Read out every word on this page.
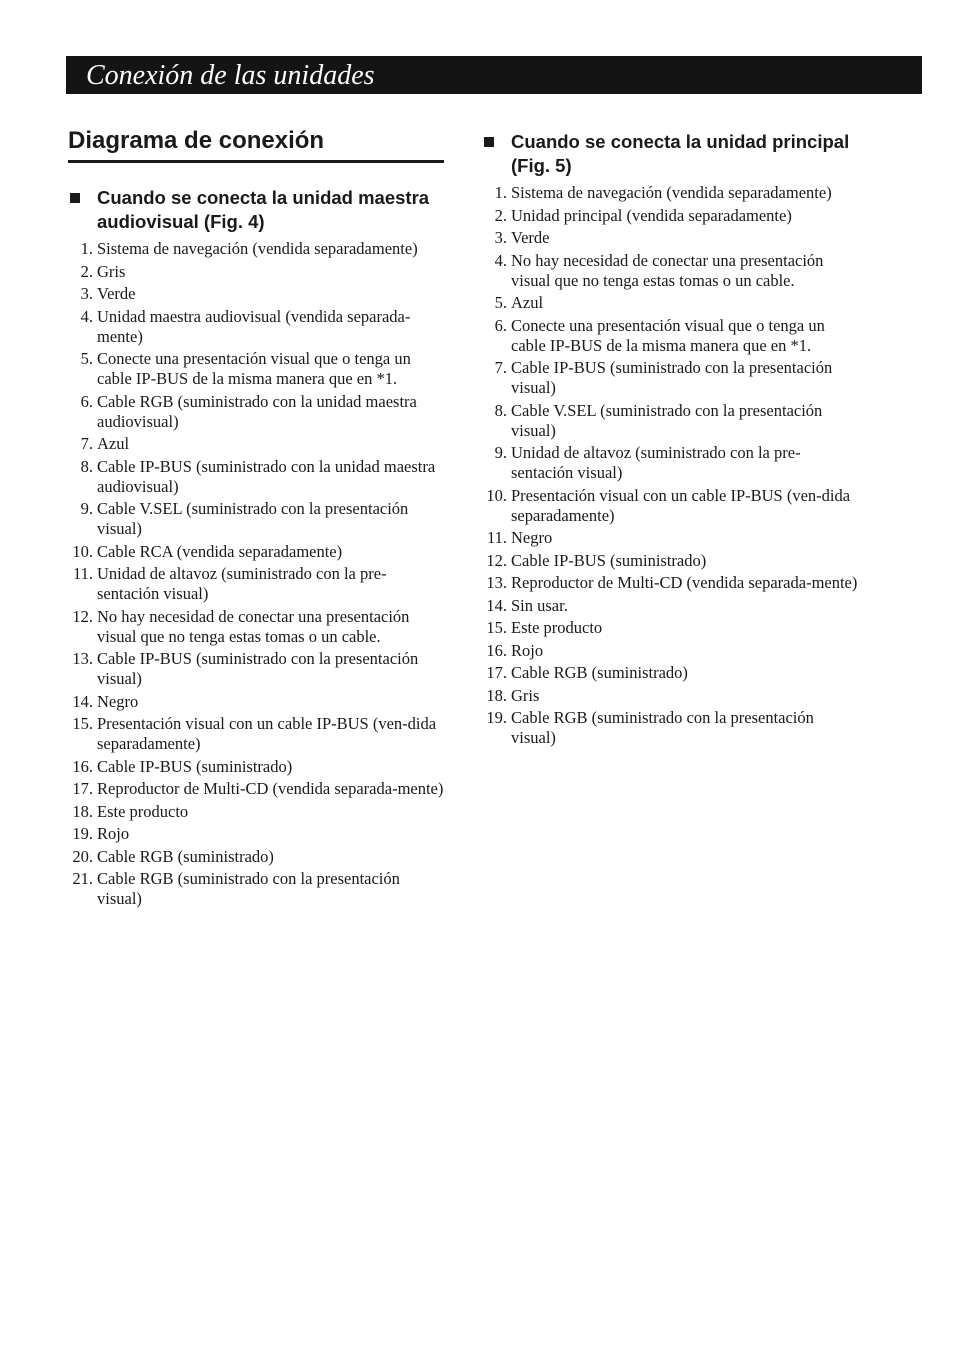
Conexión de las unidades
Diagrama de conexión
Cuando se conecta la unidad maestra audiovisual (Fig. 4)
1. Sistema de navegación (vendida separadamente)
2. Gris
3. Verde
4. Unidad maestra audiovisual (vendida separada-mente)
5. Conecte una presentación visual que o tenga un cable IP-BUS de la misma manera que en *1.
6. Cable RGB (suministrado con la unidad maestra audiovisual)
7. Azul
8. Cable IP-BUS (suministrado con la unidad maestra audiovisual)
9. Cable V.SEL (suministrado con la presentación visual)
10. Cable RCA (vendida separadamente)
11. Unidad de altavoz (suministrado con la pre-sentación visual)
12. No hay necesidad de conectar una presentación visual que no tenga estas tomas o un cable.
13. Cable IP-BUS (suministrado con la presentación visual)
14. Negro
15. Presentación visual con un cable IP-BUS (ven-dida separadamente)
16. Cable IP-BUS (suministrado)
17. Reproductor de Multi-CD (vendida separada-mente)
18. Este producto
19. Rojo
20. Cable RGB (suministrado)
21. Cable RGB (suministrado con la presentación visual)
Cuando se conecta la unidad principal (Fig. 5)
1. Sistema de navegación (vendida separadamente)
2. Unidad principal (vendida separadamente)
3. Verde
4. No hay necesidad de conectar una presentación visual que no tenga estas tomas o un cable.
5. Azul
6. Conecte una presentación visual que o tenga un cable IP-BUS de la misma manera que en *1.
7. Cable IP-BUS (suministrado con la presentación visual)
8. Cable V.SEL (suministrado con la presentación visual)
9. Unidad de altavoz (suministrado con la pre-sentación visual)
10. Presentación visual con un cable IP-BUS (ven-dida separadamente)
11. Negro
12. Cable IP-BUS (suministrado)
13. Reproductor de Multi-CD (vendida separada-mente)
14. Sin usar.
15. Este producto
16. Rojo
17. Cable RGB (suministrado)
18. Gris
19. Cable RGB (suministrado con la presentación visual)
